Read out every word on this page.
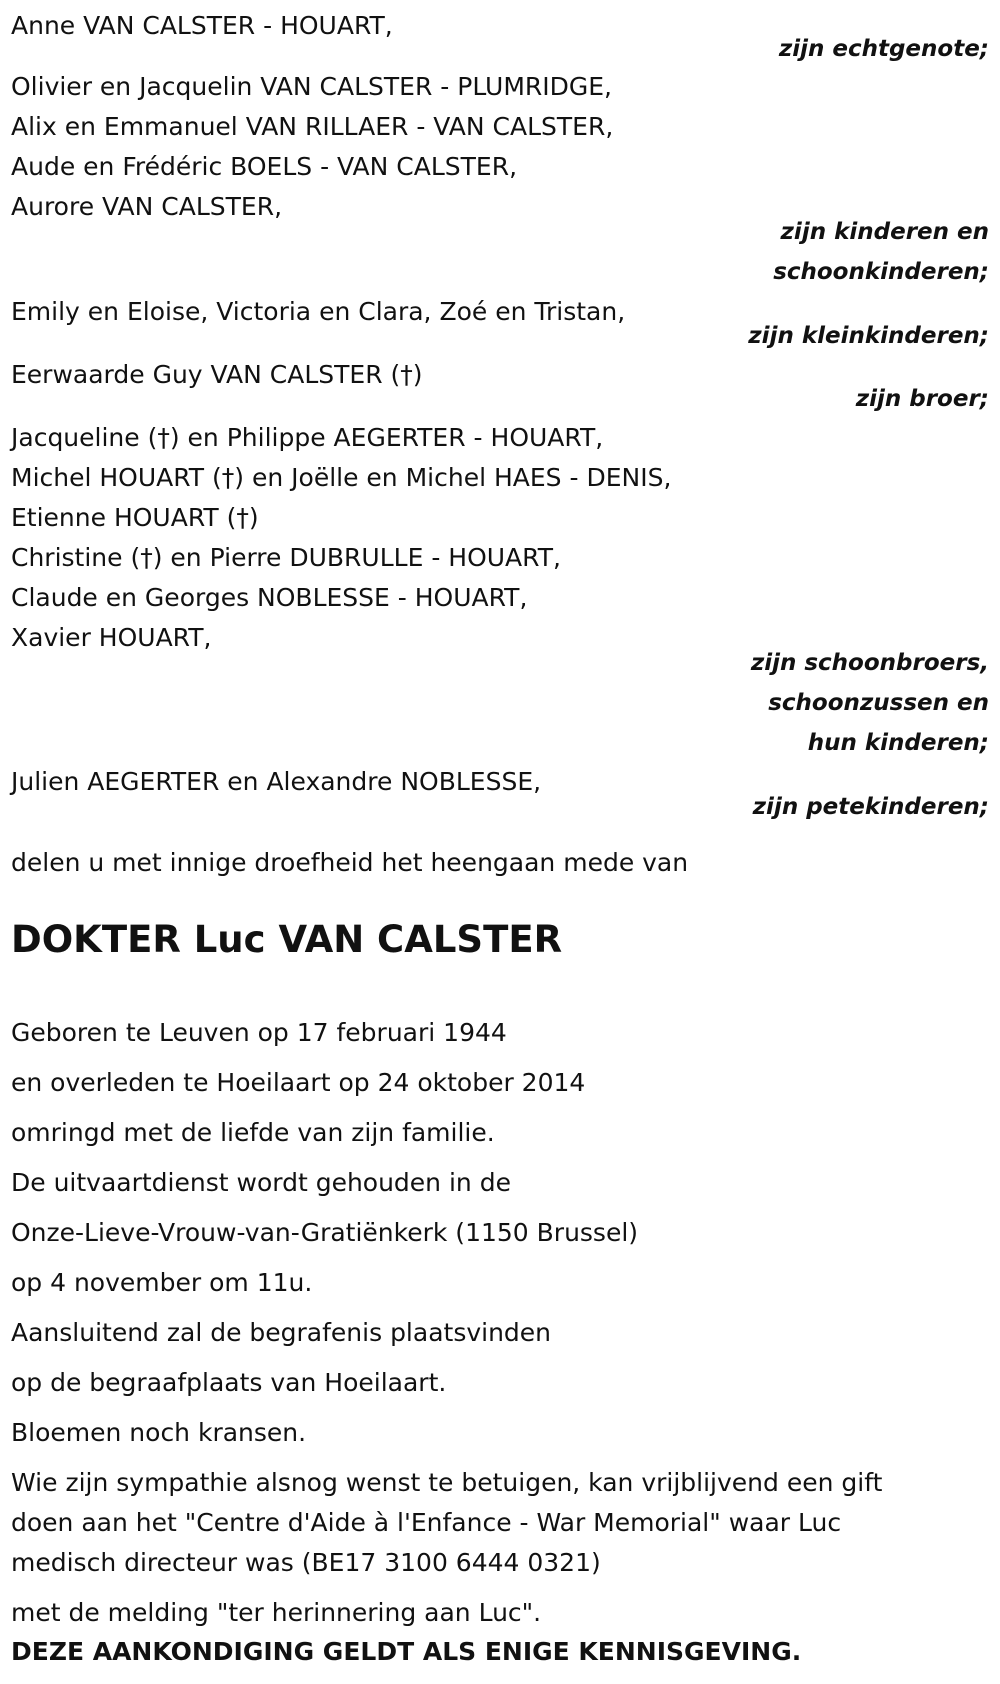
Anne VAN CALSTER - HOUART,

zijn echtgenote;

Olivier en Jacquelin VAN CALSTER - PLUMRIDGE,

Alix en Emmanuel VAN RILLAER - VAN CALSTER,

Aude en Frédéric BOELS - VAN CALSTER,

Aurore VAN CALSTER,

zijn kinderen en

schoonkinderen;

Emily en Eloise, Victoria en Clara, Zoé en Tristan,

zijn kleinkinderen;

Eerwaarde Guy VAN CALSTER (†)

zijn broer;

Jacqueline (†) en Philippe AEGERTER - HOUART,

Michel HOUART (†) en Joëlle en Michel HAES - DENIS,

Etienne HOUART (†)

Christine (†) en Pierre DUBRULLE - HOUART,

Claude en Georges NOBLESSE - HOUART,

Xavier HOUART,

zijn schoonbroers,

schoonzussen en

hun kinderen;

Julien AEGERTER en Alexandre NOBLESSE,

zijn petekinderen;

delen u met innige droefheid het heengaan mede van

DOKTER Luc VAN CALSTER

Geboren te Leuven op 17 februari 1944

en overleden te Hoeilaart op 24 oktober 2014

omringd met de liefde van zijn familie.

De uitvaartdienst wordt gehouden in de

Onze-Lieve-Vrouw-van-Gratiënkerk (1150 Brussel)

op 4 november om 11u.

Aansluitend zal de begrafenis plaatsvinden

op de begraafplaats van Hoeilaart.

Bloemen noch kransen.

Wie zijn sympathie alsnog wenst te betuigen, kan vrijblijvend een gift

doen aan het "Centre d'Aide à l'Enfance - War Memorial" waar Luc

medisch directeur was (BE17 3100 6444 0321)

met de melding "ter herinnering aan Luc".

DEZE AANKONDIGING GELDT ALS ENIGE KENNISGEVING.
